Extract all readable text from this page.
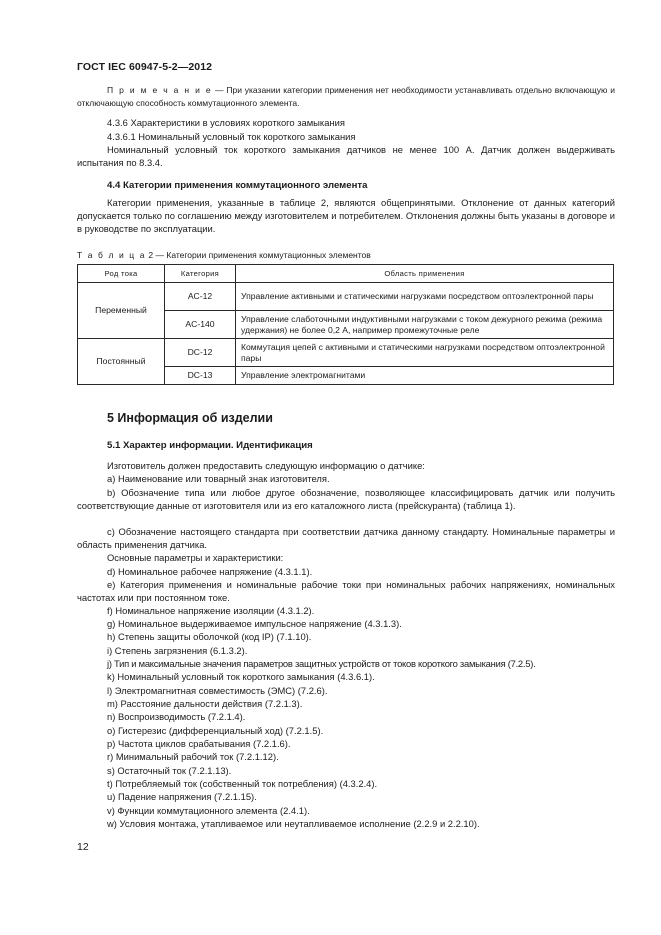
ГОСТ IEC 60947-5-2—2012

П р и м е ч а н и е — При указании категории применения нет необходимости устанавливать отдельно включающую и отключающую способность коммутационного элемента.

4.3.6 Характеристики в условиях короткого замыкания
4.3.6.1 Номинальный условный ток короткого замыкания

Номинальный условный ток короткого замыкания датчиков не менее 100 А. Датчик должен выдерживать испытания по 8.3.4.

4.4 Категории применения коммутационного элемента

Категории применения, указанные в таблице 2, являются общепринятыми. Отклонение от данных категорий допускается только по соглашению между изготовителем и потребителем. Отклонения должны быть указаны в договоре и в руководстве по эксплуатации.

Т а б л и ц а 2 — Категории применения коммутационных элементов
Род тока	Категория	Область применения
Переменный	AC-12	Управление активными и статическими нагрузками посредством оптоэлектронной пары
	AC-140	Управление слаботочными индуктивными нагрузками с током дежурного режима (режима удержания) не более 0,2 А, например промежуточные реле
Постоянный	DC-12	Коммутация цепей с активными и статическими нагрузками посредством оптоэлектронной пары
	DC-13	Управление электромагнитами
5 Информация об изделии
5.1 Характер информации. Идентификация
Изготовитель должен предоставить следующую информацию о датчике:
a) Наименование или товарный знак изготовителя.

b) Обозначение типа или любое другое обозначение, позволяющее классифицировать датчик или получить соответствующие данные от изготовителя или из его каталожного листа (прейскуранта) (таблица 1).

c) Обозначение настоящего стандарта при соответствии датчика данному стандарту. Номинальные параметры и область применения датчика.

Основные параметры и характеристики:
d) Номинальное рабочее напряжение (4.3.1.1).

e) Категория применения и номинальные рабочие токи при номинальных рабочих напряжениях, номинальных частотах или при постоянном токе.

f) Номинальное напряжение изоляции (4.3.1.2).
g) Номинальное выдерживаемое импульсное напряжение (4.3.1.3).
h) Степень защиты оболочкой (код IP) (7.1.10).
i) Степень загрязнения (6.1.3.2).
j) Тип и максимальные значения параметров защитных устройств от токов короткого замыкания (7.2.5).
k) Номинальный условный ток короткого замыкания (4.3.6.1).
l) Электромагнитная совместимость (ЭМС) (7.2.6).
m) Расстояние дальности действия (7.2.1.3).
n) Воспроизводимость (7.2.1.4).
o) Гистерезис (дифференциальный ход) (7.2.1.5).
p) Частота циклов срабатывания (7.2.1.6).
r) Минимальный рабочий ток (7.2.1.12).
s) Остаточный ток (7.2.1.13).
t) Потребляемый ток (собственный ток потребления) (4.3.2.4).
u) Падение напряжения (7.2.1.15).
v) Функции коммутационного элемента (2.4.1).
w) Условия монтажа, утапливаемое или неутапливаемое исполнение (2.2.9 и 2.2.10).
12
